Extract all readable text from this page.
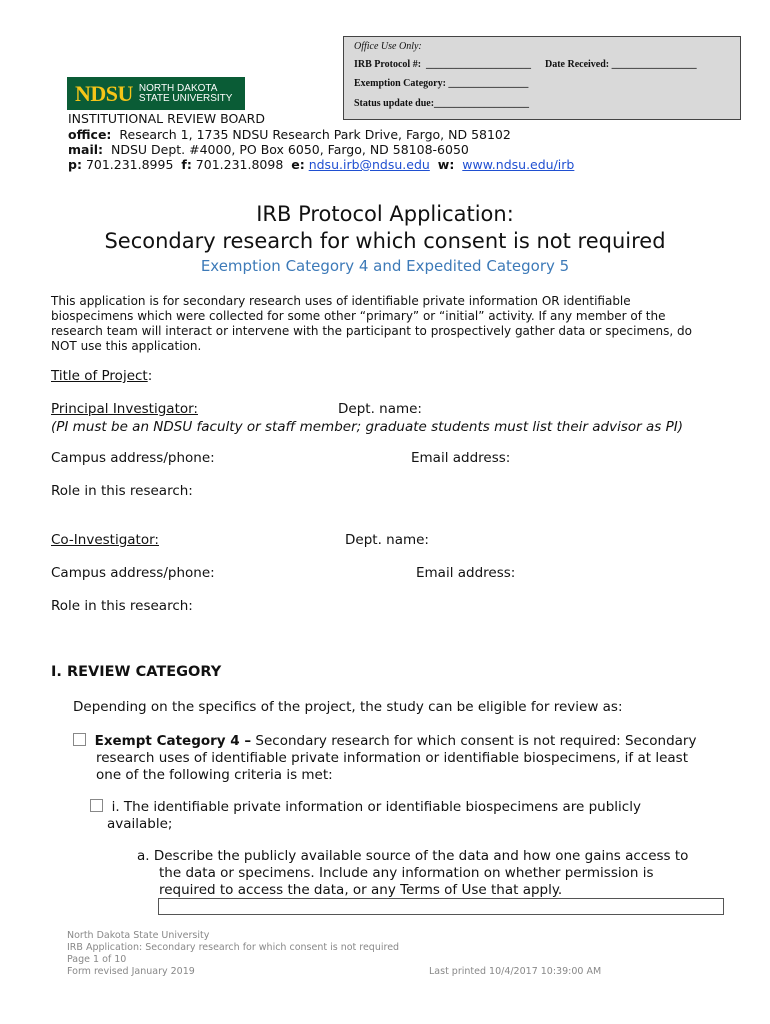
Office Use Only:
IRB Protocol #:  _____________________ Date Received: _________________
Exemption Category: ________________
Status update due:___________________
NDSU NORTH DAKOTA
STATE UNIVERSITY
INSTITUTIONAL REVIEW BOARD
office: Research 1, 1735 NDSU Research Park Drive, Fargo, ND 58102
mail: NDSU Dept. #4000, PO Box 6050, Fargo, ND 58108-6050
p: 701.231.8995 f: 701.231.8098 e: ndsu.irb@ndsu.edu w: www.ndsu.edu/irb
IRB Protocol Application:
Secondary research for which consent is not required
Exemption Category 4 and Expedited Category 5
This application is for secondary research uses of identifiable private information OR identifiable
biospecimens which were collected for some other “primary” or “initial” activity. If any member of the
research team will interact or intervene with the participant to prospectively gather data or specimens, do
NOT use this application.
Title of Project:
Principal Investigator:	Dept. name:
(PI must be an NDSU faculty or staff member; graduate students must list their advisor as PI)
Campus address/phone:	Email address:
Role in this research:
Co-Investigator:	Dept. name:
Campus address/phone:	Email address:
Role in this research:
I. REVIEW CATEGORY
Depending on the specifics of the project, the study can be eligible for review as:
Exempt Category 4 – Secondary research for which consent is not required: Secondary
research uses of identifiable private information or identifiable biospecimens, if at least
one of the following criteria is met:
i. The identifiable private information or identifiable biospecimens are publicly
available;
a. Describe the publicly available source of the data and how one gains access to
the data or specimens. Include any information on whether permission is
required to access the data, or any Terms of Use that apply.
North Dakota State University
IRB Application: Secondary research for which consent is not required
Page 1 of 10
Form revised January 2019	Last printed 10/4/2017 10:39:00 AM
